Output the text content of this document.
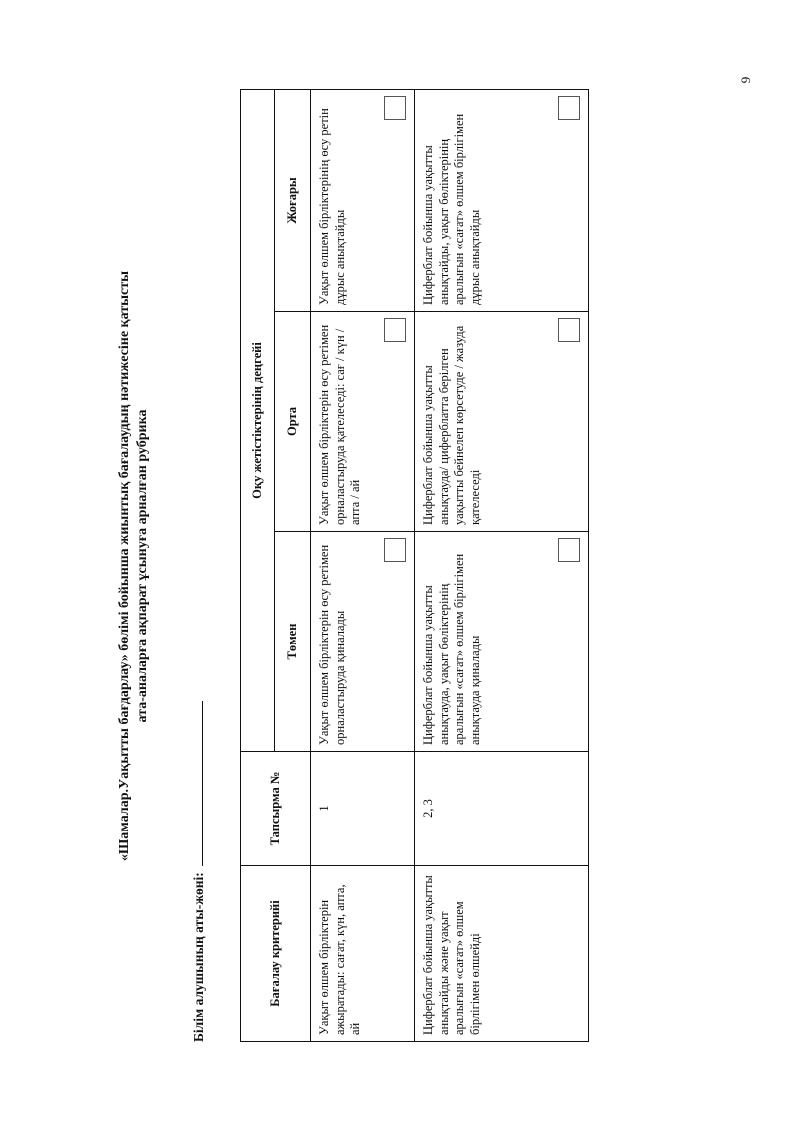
9
«Шамалар.Уақытты бағдарлау» бөлімі бойынша жиынтық бағалаудың нәтижесіне қатысты ата-аналарға ақпарат ұсынуға арналған рубрика
Білім алушының аты-жөні:	Бағалау критерийі	Тапсырма №	Оқу жетістіктерінің деңгейі		
		Төмен	Орта	Жоғары
Уақыт өлшем бірліктерін ажыратады: сағат, күн, апта, ай	1	Уақыт өлшем бірліктерін өсу ретімен орналастыруда қиналады	Уақыт өлшем бірліктерін өсу ретімен орналастыруда қателеседі: сағ / күн / апта / ай	Уақыт өлшем бірліктерінің өсу ретін дұрыс анықтайды

Циферблат бойынша уақытты анықтайды және уақыт аралығын «сағат» өлшем бірлігімен өлшейді	2, 3	Циферблат бойынша уақытты анықтауда, уақыт бөліктерінің аралығын «сағат» өлшем бірлігімен анықтауда қиналады	Циферблат бойынша уақытты анықтауда/ циферблатта берілген уақытты бейнелеп көрсетуде / жазуда қателеседі	Циферблат бойынша уақытты анықтайды, уақыт бөліктерінің аралығын «сағат» өлшем бірлігімен дұрыс анықтайды
